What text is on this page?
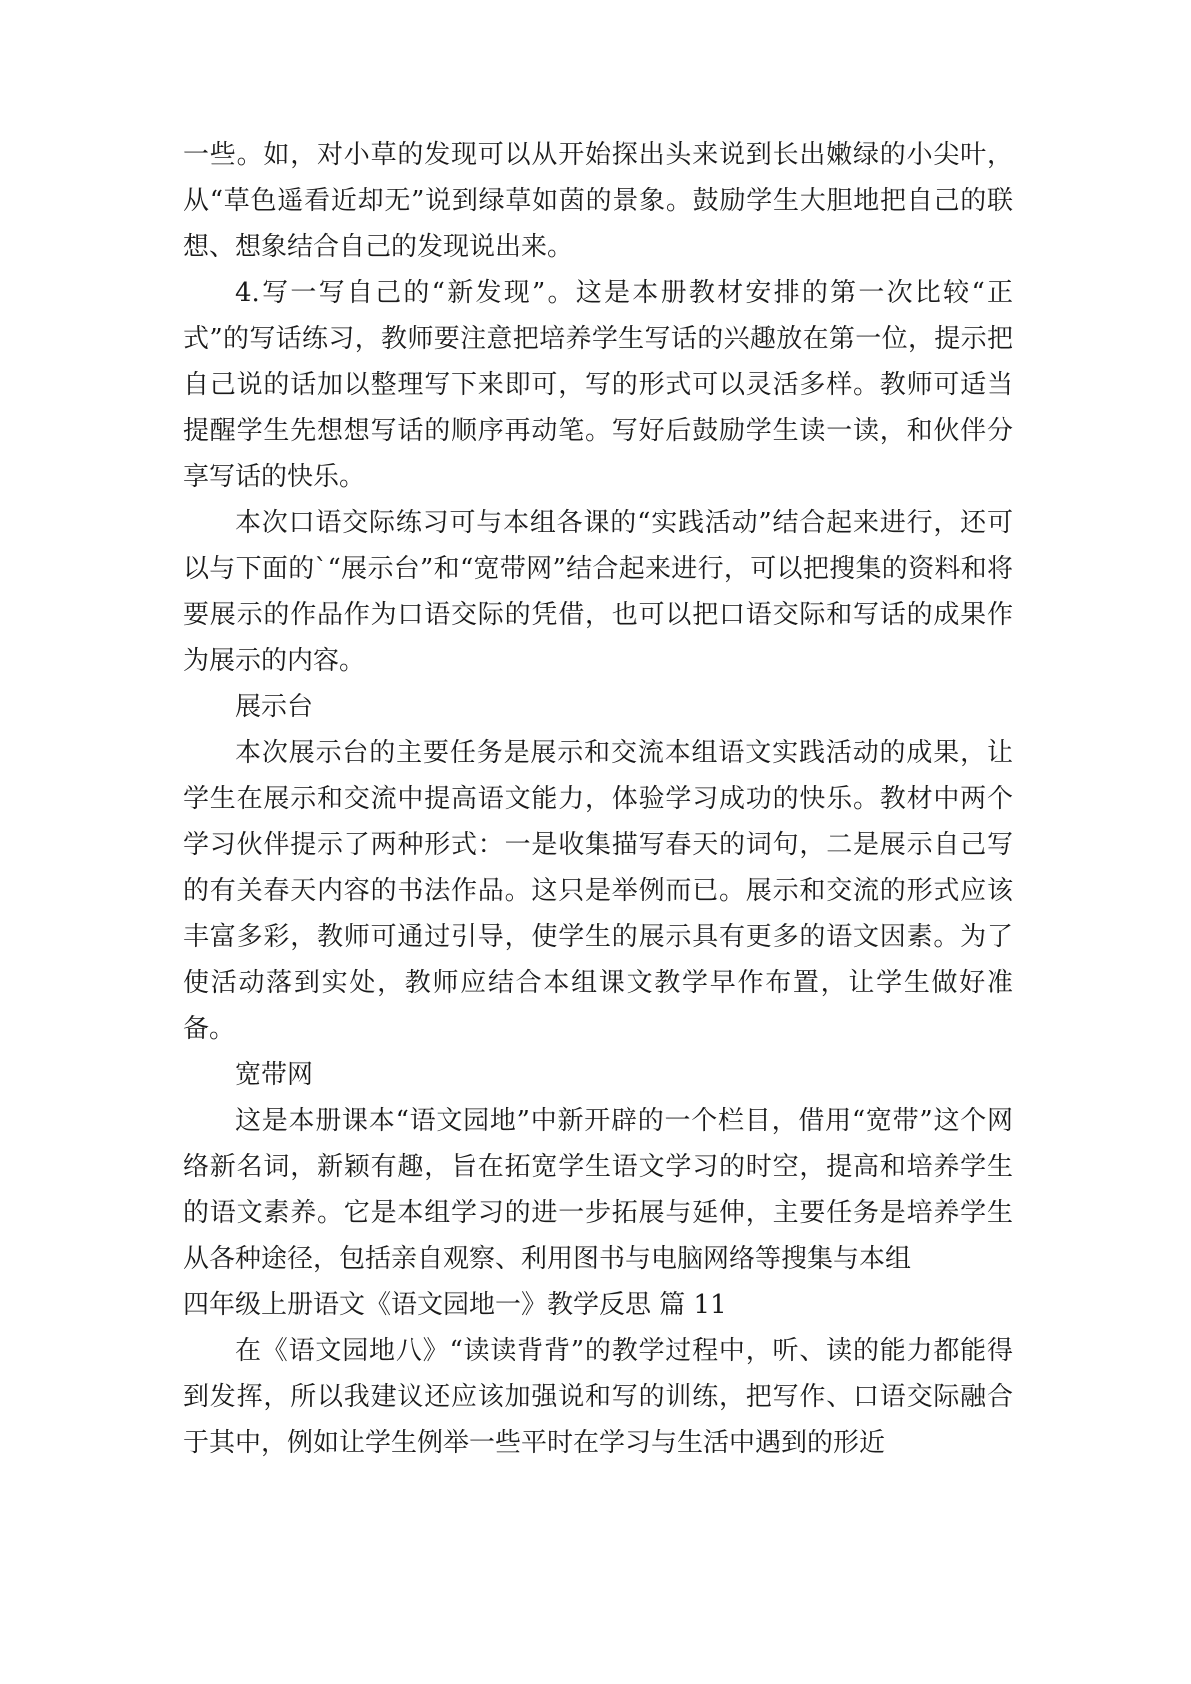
一些。如，对小草的发现可以从开始探出头来说到长出嫩绿的小尖叶，从“草色遥看近却无”说到绿草如茵的景象。鼓励学生大胆地把自己的联想、想象结合自己的发现说出来。

4.写一写自己的“新发现”。这是本册教材安排的第一次比较“正式”的写话练习，教师要注意把培养学生写话的兴趣放在第一位，提示把自己说的话加以整理写下来即可，写的形式可以灵活多样。教师可适当提醒学生先想想写话的顺序再动笔。写好后鼓励学生读一读，和伙伴分享写话的快乐。

本次口语交际练习可与本组各课的“实践活动”结合起来进行，还可以与下面的`“展示台”和“宽带网”结合起来进行，可以把搜集的资料和将要展示的作品作为口语交际的凭借，也可以把口语交际和写话的成果作为展示的内容。

展示台

本次展示台的主要任务是展示和交流本组语文实践活动的成果，让学生在展示和交流中提高语文能力，体验学习成功的快乐。教材中两个学习伙伴提示了两种形式：一是收集描写春天的词句，二是展示自己写的有关春天内容的书法作品。这只是举例而已。展示和交流的形式应该丰富多彩，教师可通过引导，使学生的展示具有更多的语文因素。为了使活动落到实处，教师应结合本组课文教学早作布置，让学生做好准备。

宽带网

这是本册课本“语文园地”中新开辟的一个栏目，借用“宽带”这个网络新名词，新颖有趣，旨在拓宽学生语文学习的时空，提高和培养学生的语文素养。它是本组学习的进一步拓展与延伸，主要任务是培养学生从各种途径，包括亲自观察、利用图书与电脑网络等搜集与本组

四年级上册语文《语文园地一》教学反思 篇 11

在《语文园地八》“读读背背”的教学过程中，听、读的能力都能得到发挥，所以我建议还应该加强说和写的训练，把写作、口语交际融合于其中，例如让学生例举一些平时在学习与生活中遇到的形近
